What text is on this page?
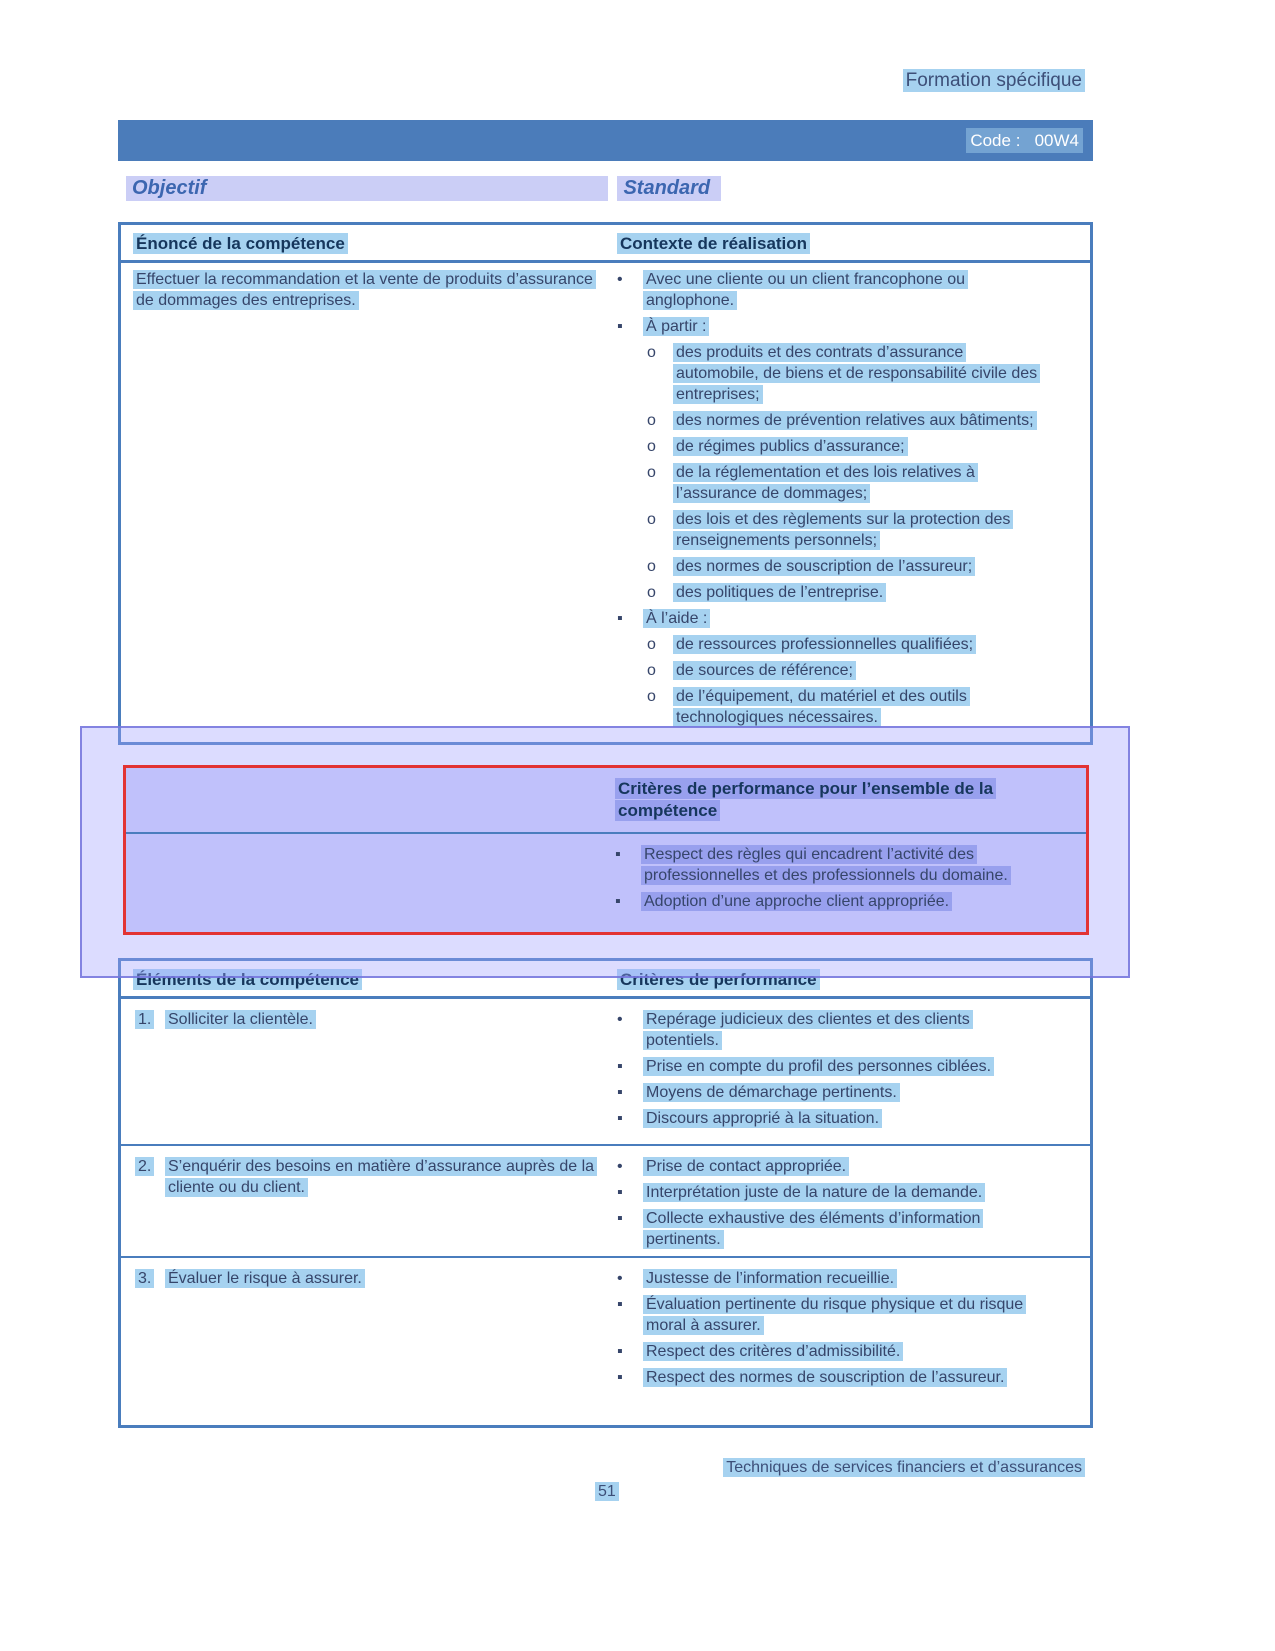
Formation spécifique
Code :   00W4
Objectif	Standard
Énoncé de la compétence	Contexte de réalisation
Effectuer la recommandation et la vente de produits d’assurance de dommages des entreprises.
•	Avec une cliente ou un client francophone ou anglophone.
▪	À partir :
o	des produits et des contrats d’assurance automobile, de biens et de responsabilité civile des entreprises;
o	des normes de prévention relatives aux bâtiments;
o	de régimes publics d’assurance;
o	de la réglementation et des lois relatives à l’assurance de dommages;
o	des lois et des règlements sur la protection des renseignements personnels;
o	des normes de souscription de l’assureur;
o	des politiques de l’entreprise.
▪	À l’aide :
o	de ressources professionnelles qualifiées;
o	de sources de référence;
o	de l’équipement, du matériel et des outils technologiques nécessaires.
Critères de performance pour l’ensemble de la compétence
▪	Respect des règles qui encadrent l’activité des professionnelles et des professionnels du domaine.
▪	Adoption d’une approche client appropriée.
Éléments de la compétence	Critères de performance
1.	Solliciter la clientèle.	•	Repérage judicieux des clientes et des clients potentiels.
▪	Prise en compte du profil des personnes ciblées.
▪	Moyens de démarchage pertinents.
▪	Discours approprié à la situation.
2.	S’enquérir des besoins en matière d’assurance auprès de la cliente ou du client.
•	Prise de contact appropriée.
▪	Interprétation juste de la nature de la demande.
▪	Collecte exhaustive des éléments d’information pertinents.
3.	Évaluer le risque à assurer.	•	Justesse de l’information recueillie.
▪	Évaluation pertinente du risque physique et du risque moral à assurer.
▪	Respect des critères d’admissibilité.
▪	Respect des normes de souscription de l’assureur.
Techniques de services financiers et d’assurances
51
